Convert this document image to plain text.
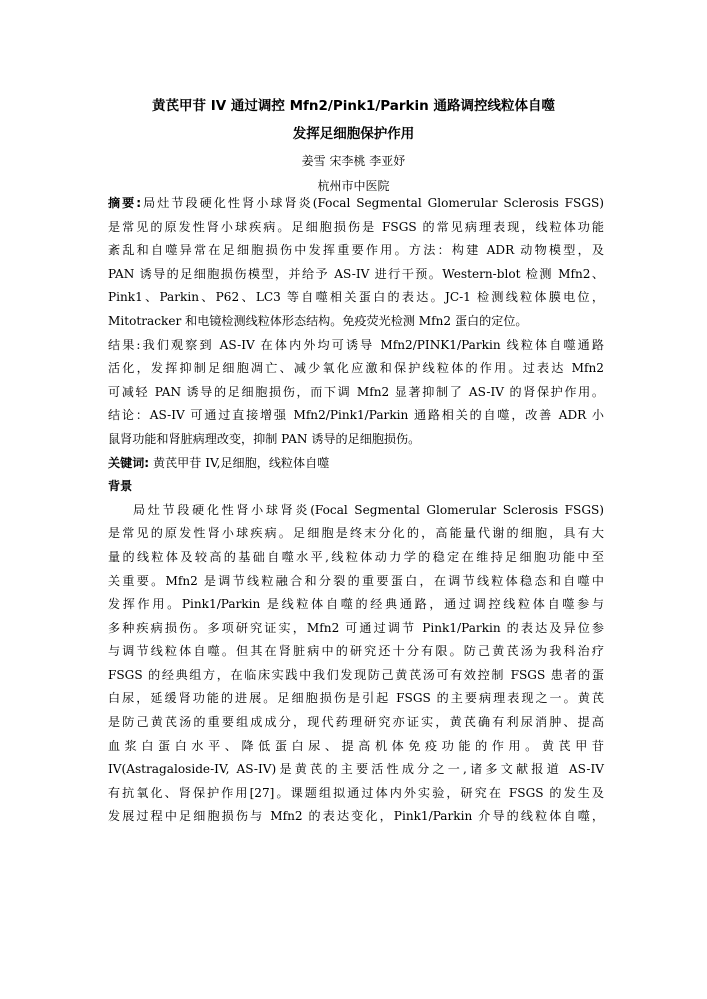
黄芪甲苷 IV 通过调控 Mfn2/Pink1/Parkin 通路调控线粒体自噬
发挥足细胞保护作用
姜雪 宋李桃 李亚妤
杭州市中医院
摘要:局灶节段硬化性肾小球肾炎(Focal Segmental Glomerular Sclerosis FSGS)
是常见的原发性肾小球疾病。足细胞损伤是 FSGS 的常见病理表现，线粒体功能
紊乱和自噬异常在足细胞损伤中发挥重要作用。方法：构建 ADR 动物模型，及
PAN 诱导的足细胞损伤模型，并给予 AS-IV 进行干预。Western-blot 检测 Mfn2、
Pink1、Parkin、P62、LC3 等自噬相关蛋白的表达。JC-1 检测线粒体膜电位，
Mitotracker 和电镜检测线粒体形态结构。免疫荧光检测 Mfn2 蛋白的定位。
结果:我们观察到 AS-IV 在体内外均可诱导 Mfn2/PINK1/Parkin 线粒体自噬通路
活化，发挥抑制足细胞凋亡、减少氧化应激和保护线粒体的作用。过表达 Mfn2
可减轻 PAN 诱导的足细胞损伤，而下调 Mfn2 显著抑制了 AS-IV 的肾保护作用。
结论：AS-IV 可通过直接增强 Mfn2/Pink1/Parkin 通路相关的自噬，改善 ADR 小
鼠肾功能和肾脏病理改变，抑制 PAN 诱导的足细胞损伤。
关键词: 黄芪甲苷 IV,足细胞，线粒体自噬
背景
局灶节段硬化性肾小球肾炎(Focal Segmental Glomerular Sclerosis FSGS)
是常见的原发性肾小球疾病。足细胞是终末分化的，高能量代谢的细胞，具有大
量的线粒体及较高的基础自噬水平,线粒体动力学的稳定在维持足细胞功能中至
关重要。Mfn2 是调节线粒融合和分裂的重要蛋白，在调节线粒体稳态和自噬中
发挥作用。Pink1/Parkin 是线粒体自噬的经典通路，通过调控线粒体自噬参与
多种疾病损伤。多项研究证实，Mfn2 可通过调节 Pink1/Parkin 的表达及异位参
与调节线粒体自噬。但其在肾脏病中的研究还十分有限。防己黄芪汤为我科治疗
FSGS 的经典组方，在临床实践中我们发现防己黄芪汤可有效控制 FSGS 患者的蛋
白尿，延缓肾功能的进展。足细胞损伤是引起 FSGS 的主要病理表现之一。黄芪
是防己黄芪汤的重要组成成分，现代药理研究亦证实，黄芪确有利尿消肿、提高
血浆白蛋白水平、降低蛋白尿、提高机体免疫功能的作用。黄芪甲苷
IV(Astragaloside-IV, AS-IV)是黄芪的主要活性成分之一,诸多文献报道 AS-IV
有抗氧化、肾保护作用[27]。课题组拟通过体内外实验，研究在 FSGS 的发生及
发展过程中足细胞损伤与 Mfn2 的表达变化，Pink1/Parkin 介导的线粒体自噬，
